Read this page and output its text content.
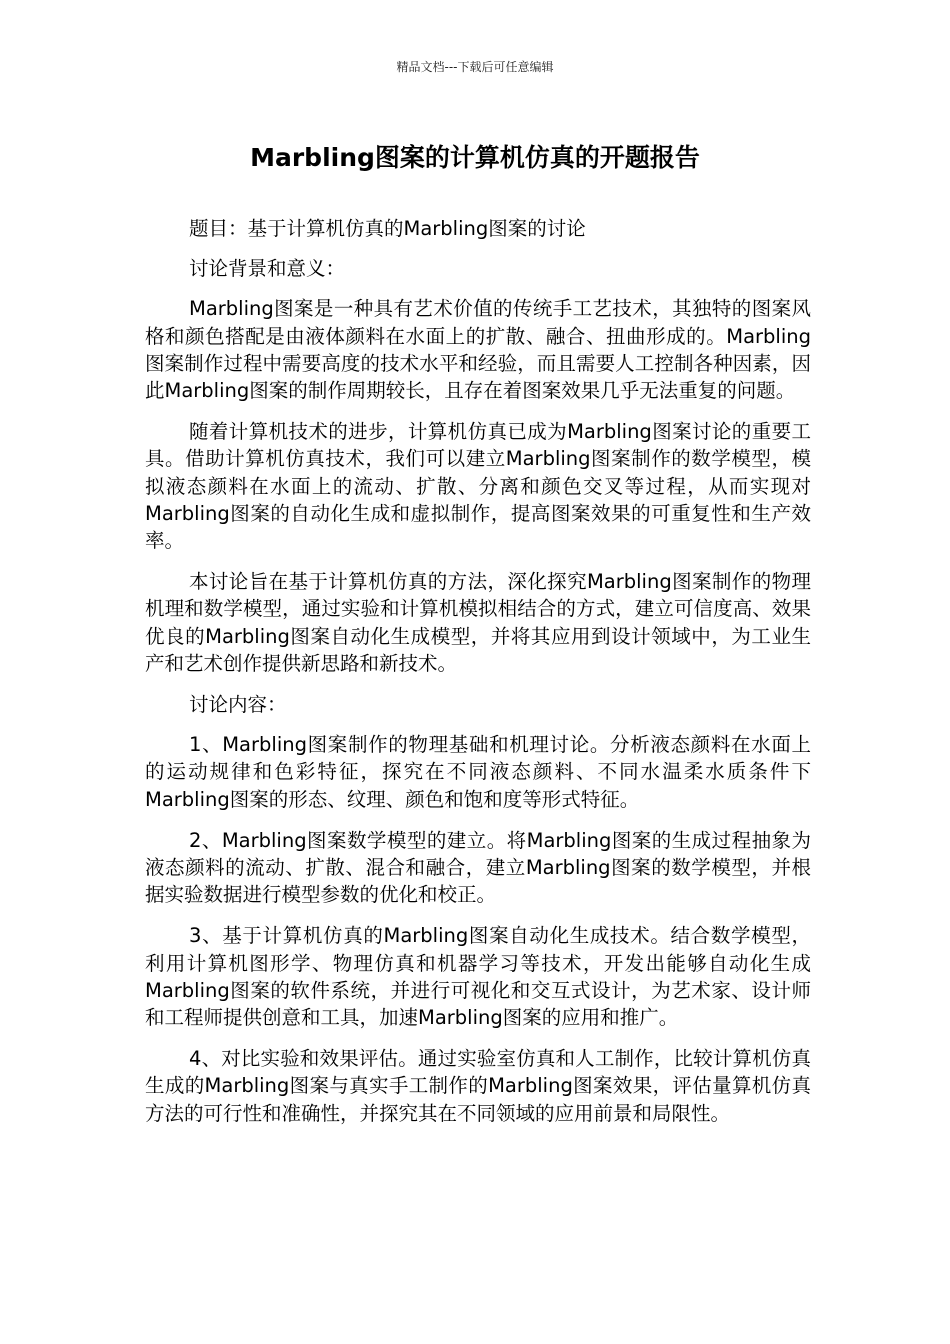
精品文档---下载后可任意编辑
Marbling图案的计算机仿真的开题报告

题目：基于计算机仿真的Marbling图案的讨论

讨论背景和意义：

Marbling图案是一种具有艺术价值的传统手工艺技术，其独特的图案风格和颜色搭配是由液体颜料在水面上的扩散、融合、扭曲形成的。Marbling图案制作过程中需要高度的技术水平和经验，而且需要人工控制各种因素，因此Marbling图案的制作周期较长，且存在着图案效果几乎无法重复的问题。

随着计算机技术的进步，计算机仿真已成为Marbling图案讨论的重要工具。借助计算机仿真技术，我们可以建立Marbling图案制作的数学模型，模拟液态颜料在水面上的流动、扩散、分离和颜色交叉等过程，从而实现对Marbling图案的自动化生成和虚拟制作，提高图案效果的可重复性和生产效率。

本讨论旨在基于计算机仿真的方法，深化探究Marbling图案制作的物理机理和数学模型，通过实验和计算机模拟相结合的方式，建立可信度高、效果优良的Marbling图案自动化生成模型，并将其应用到设计领域中，为工业生产和艺术创作提供新思路和新技术。

讨论内容：

1、Marbling图案制作的物理基础和机理讨论。分析液态颜料在水面上的运动规律和色彩特征，探究在不同液态颜料、不同水温柔水质条件下Marbling图案的形态、纹理、颜色和饱和度等形式特征。

2、Marbling图案数学模型的建立。将Marbling图案的生成过程抽象为液态颜料的流动、扩散、混合和融合，建立Marbling图案的数学模型，并根据实验数据进行模型参数的优化和校正。

3、基于计算机仿真的Marbling图案自动化生成技术。结合数学模型，利用计算机图形学、物理仿真和机器学习等技术，开发出能够自动化生成Marbling图案的软件系统，并进行可视化和交互式设计，为艺术家、设计师和工程师提供创意和工具，加速Marbling图案的应用和推广。

4、对比实验和效果评估。通过实验室仿真和人工制作，比较计算机仿真生成的Marbling图案与真实手工制作的Marbling图案效果，评估量算机仿真方法的可行性和准确性，并探究其在不同领域的应用前景和局限性。
